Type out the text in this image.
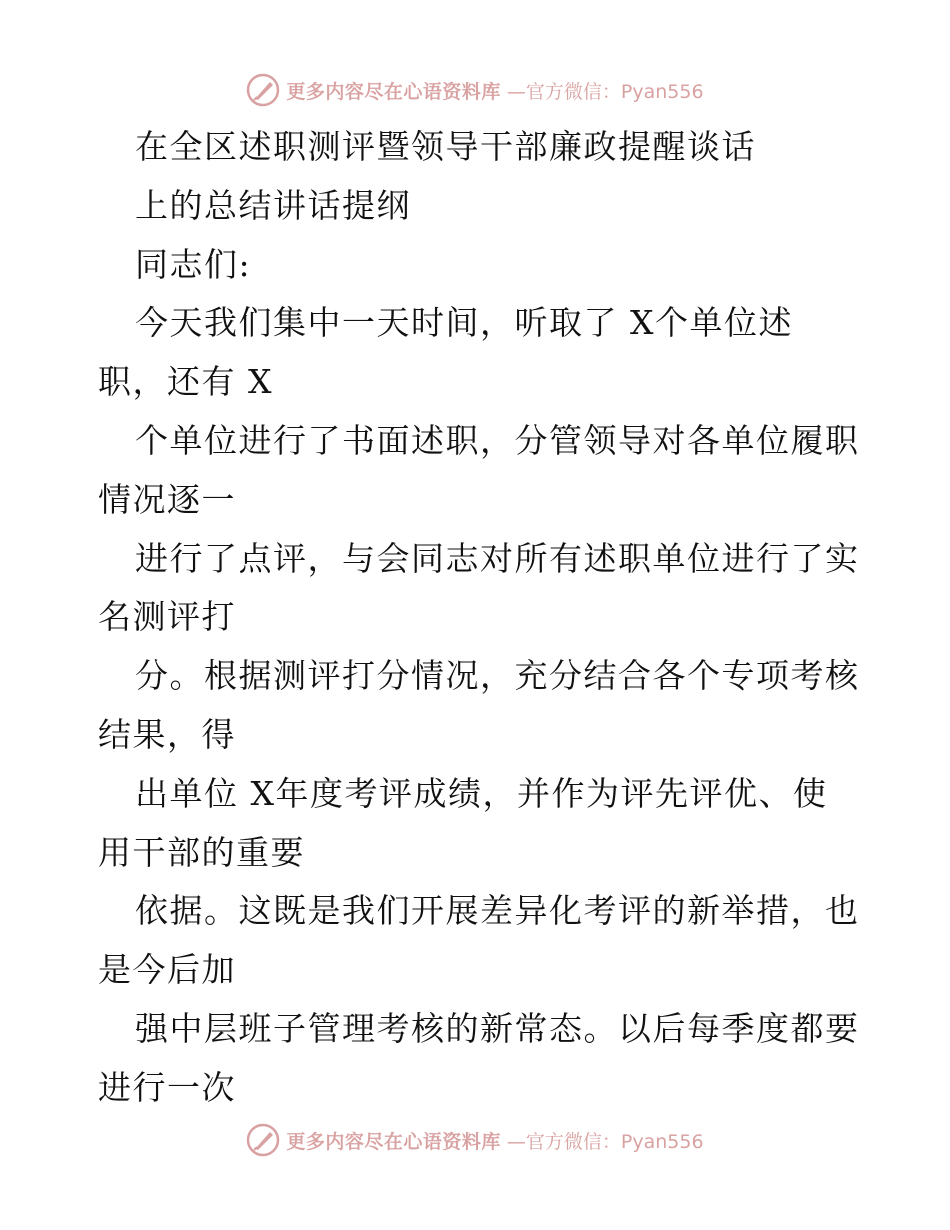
更多内容尽在心语资料库 —官方微信：Pyan556
在全区述职测评暨领导干部廉政提醒谈话
上的总结讲话提纲
同志们:
今天我们集中一天时间，听取了 X个单位述
职，还有 X
个单位进行了书面述职，分管领导对各单位履职
情况逐一
进行了点评，与会同志对所有述职单位进行了实
名测评打
分。根据测评打分情况，充分结合各个专项考核
结果，得
出单位 X年度考评成绩，并作为评先评优、使
用干部的重要
依据。这既是我们开展差异化考评的新举措，也
是今后加
强中层班子管理考核的新常态。以后每季度都要
进行一次
更多内容尽在心语资料库 —官方微信：Pyan556
